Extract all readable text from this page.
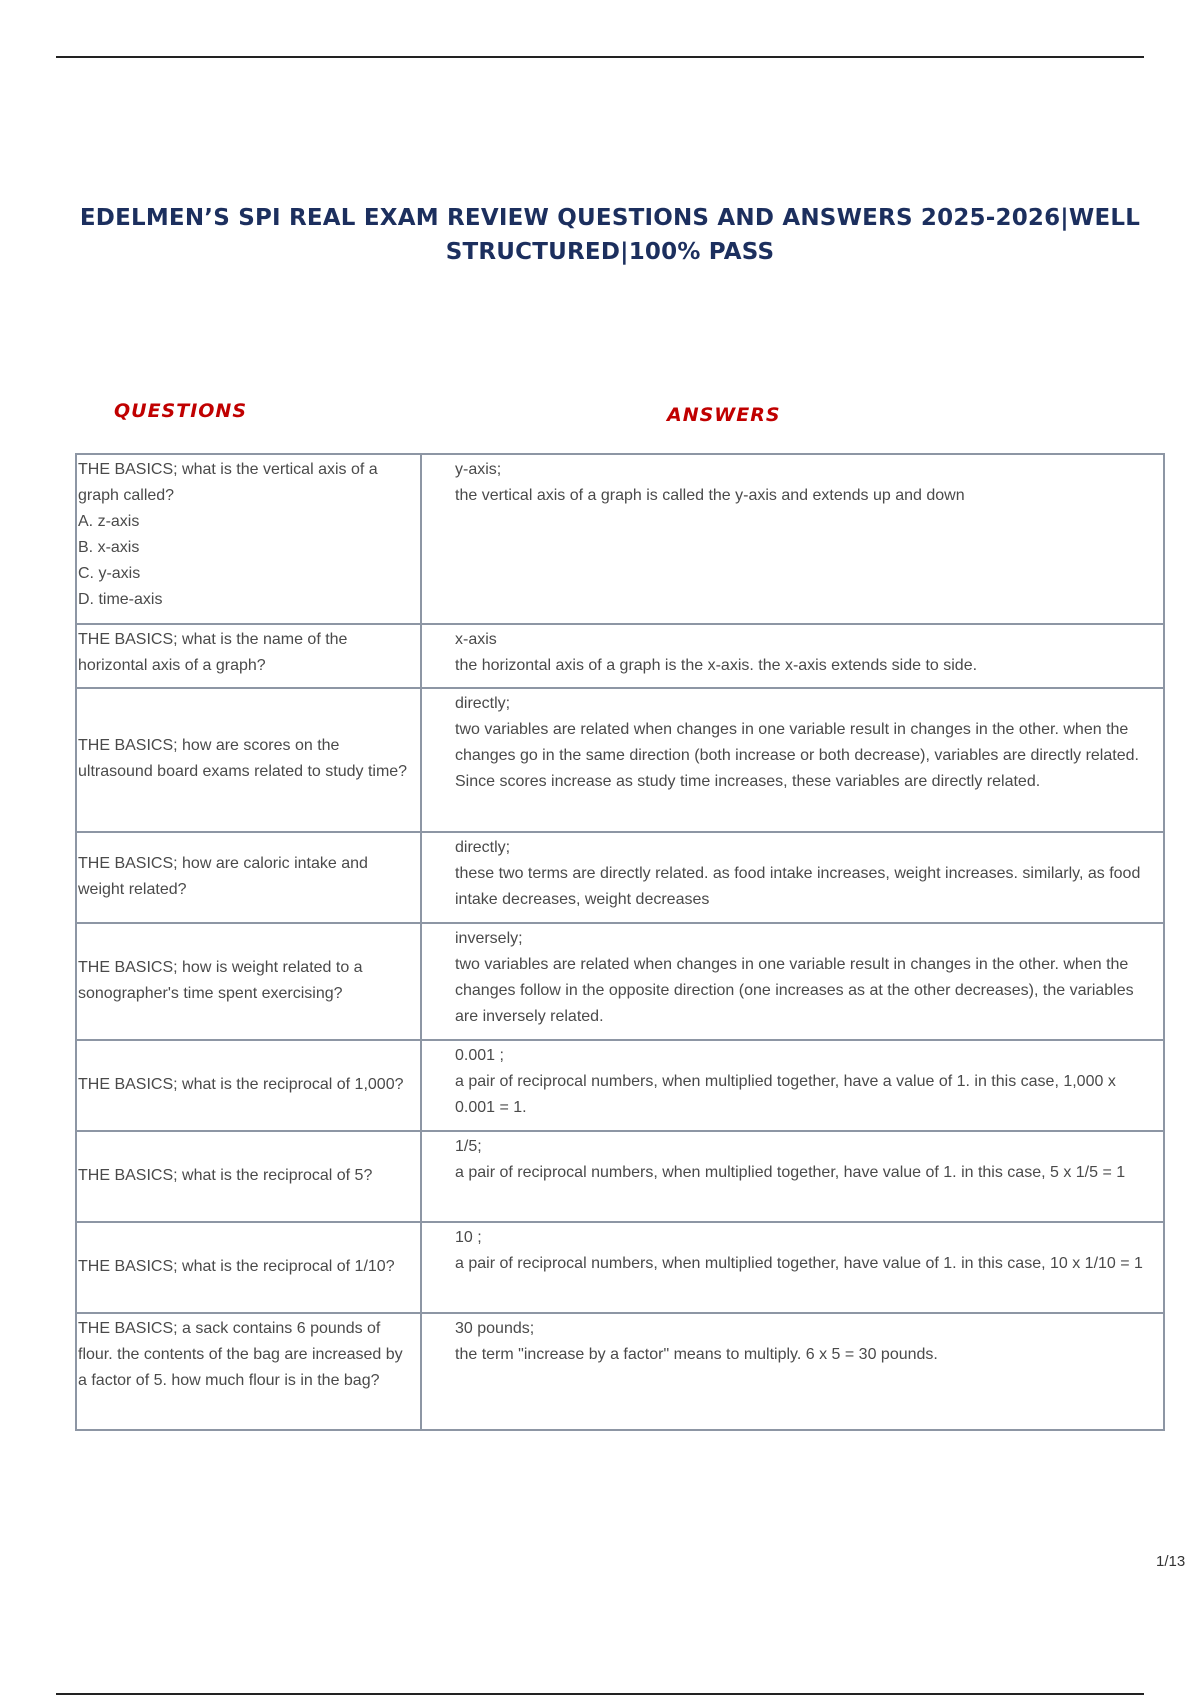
EDELMEN’S SPI REAL EXAM REVIEW QUESTIONS AND ANSWERS 2025-2026|WELL STRUCTURED|100% PASS
QUESTIONS	ANSWERS
THE BASICS; what is the vertical axis of a graph called?
A. z-axis
B. x-axis
C. y-axis
D. time-axis	y-axis;
the vertical axis of a graph is called the y-axis and extends up and down

THE BASICS; what is the name of the horizontal axis of a graph?	x-axis
the horizontal axis of a graph is the x-axis. the x-axis extends side to side.

THE BASICS; how are scores on the ultrasound board exams related to study time?	directly;
two variables are related when changes in one variable result in changes in the other. when the changes go in the same direction (both increase or both decrease), variables are directly related. Since scores increase as study time increases, these variables are directly related.

THE BASICS; how are caloric intake and weight related?	directly;
these two terms are directly related. as food intake increases, weight increases. similarly, as food intake decreases, weight decreases

THE BASICS; how is weight related to a sonographer's time spent exercising?	inversely;
two variables are related when changes in one variable result in changes in the other. when the changes follow in the opposite direction (one increases as at the other decreases), the variables are inversely related.

THE BASICS; what is the reciprocal of 1,000?	0.001 ;
a pair of reciprocal numbers, when multiplied together, have a value of 1. in this case, 1,000 x 0.001 = 1.

THE BASICS; what is the reciprocal of 5?	1/5;
a pair of reciprocal numbers, when multiplied together, have value of 1. in this case, 5 x 1/5 = 1

THE BASICS; what is the reciprocal of 1/10?	10 ;
a pair of reciprocal numbers, when multiplied together, have value of 1. in this case, 10 x 1/10 = 1

THE BASICS; a sack contains 6 pounds of flour. the contents of the bag are increased by a factor of 5. how much flour is in the bag?	30 pounds;
the term "increase by a factor" means to multiply. 6 x 5 = 30 pounds.
1/13
